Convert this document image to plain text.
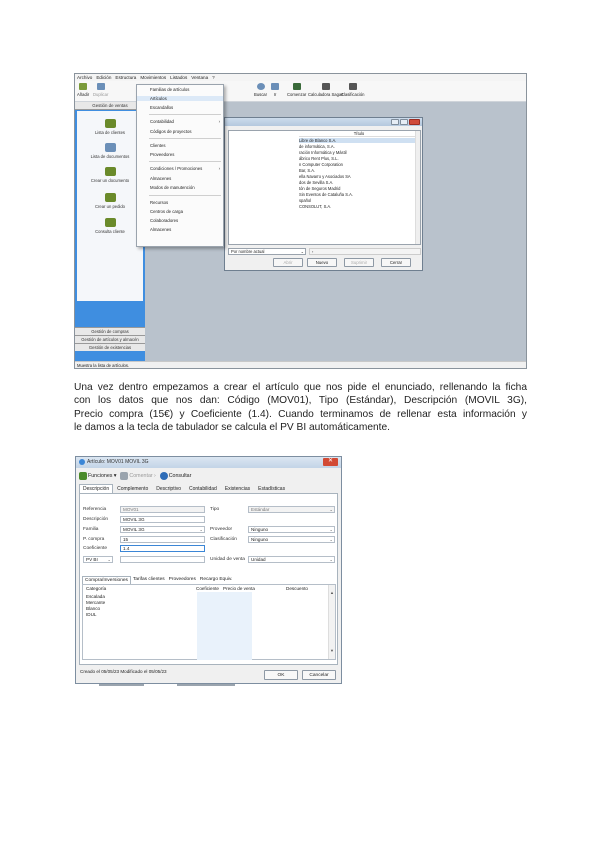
Archivo Edición Estructura Movimientos Listados Ventana ?
Añadir Duplicar	Buscar Ir	Comenzar Calculadora Sagas
Clasificación
Gestión de ventas
Lista de clientes
Lista de documentos
Crear un documento
Crear un pedido
Consulta cliente
Gestión de compras
Gestión de artículos y almacén
Gestión de existencias
Muestra la lista de artículos.
Título
Libre de Blanco S.A.
de informática, S.A.
ración Informática y Mástil
ábrico Rent Plus, S.L.
n Computer Corporation
Bar, S.A.
ella Navarro y Asociados SA
dos de Sevilla S.A.
tón de Seguros Madrid
Sin Eventos de Cataluña S.A.
spañol
CONSOLUT, S.A.
Por nombre actual	⌄	‹
Abrir	Nuevo	Suprimir	Cerrar
Familias de artículos
Artículos
Escandallos
Contabilidad	›
Códigos de proyectos
Clientes
Proveedores
Condiciones / Promociones	›
Almacenes
Modos de manutención
Recursos
Centros de carga
Colaboradores
Almacenes
Una vez dentro empezamos a crear el artículo que nos pide el enunciado, rellenando la ficha
con los datos que nos dan: Código (MOV01), Tipo (Estándar), Descripción (MOVIL 3G),
Precio compra (15€) y Coeficiente (1.4). Cuando terminamos de rellenar esta información y
le damos a la tecla de tabulador se calcula el PV BI automáticamente.
Artículo: MOV01 MOVIL 3G	✕
Funciones ▾	Comentar ›	Consultar
Descripción	Complemento	Descriptivo	Contabilidad	Existencias	Estadísticas
Referencia	MOV01
Descripción	MOVIL 3G
Familia	MOVIL 3G	⌄
P. compra	15
Coeficiente	1.4
PV BI ⌄
Tipo	Estándar	⌄
Proveedor	Ninguno	⌄
Clasificación	Ninguno	⌄
Unidad de venta	Unidad	⌄
Compra/Inversiones	Tarifas clientes Proveedores Recargo Equiv.
Categoría	Coeficiente Precio de venta	Descuento
Escalada
Mercante
Blanco
IDUL
▲
▼
Creado el 05/05/23 Modificado el 05/05/23
OK	Cancelar
